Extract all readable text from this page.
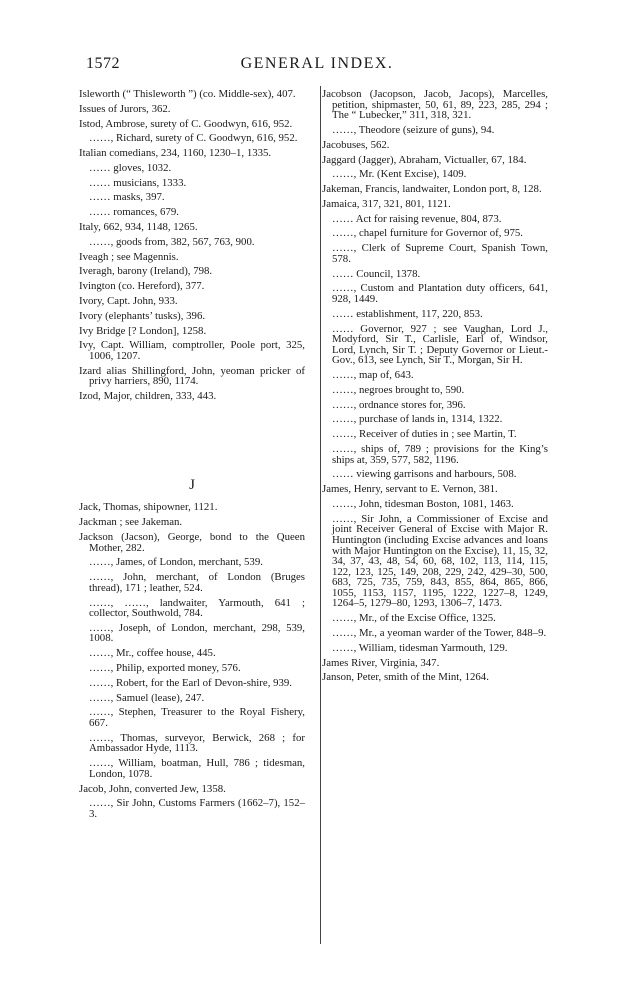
1572	GENERAL INDEX.

Isleworth (“ Thisleworth ”) (co. Middle-sex), 407.

Issues of Jurors, 362.

Istod, Ambrose, surety of C. Goodwyn, 616, 952.

……, Richard, surety of C. Goodwyn, 616, 952.

Italian comedians, 234, 1160, 1230–1, 1335.

…… gloves, 1032.

…… musicians, 1333.

…… masks, 397.

…… romances, 679.

Italy, 662, 934, 1148, 1265.

……, goods from, 382, 567, 763, 900.

Iveagh ; see Magennis.

Iveragh, barony (Ireland), 798.

Ivington (co. Hereford), 377.

Ivory, Capt. John, 933.

Ivory (elephants’ tusks), 396.

Ivy Bridge [? London], 1258.

Ivy, Capt. William, comptroller, Poole port, 325, 1006, 1207.

Izard alias Shillingford, John, yeoman pricker of privy harriers, 890, 1174.

Izod, Major, children, 333, 443.

J

Jack, Thomas, shipowner, 1121.

Jackman ; see Jakeman.

Jackson (Jacson), George, bond to the Queen Mother, 282.

……, James, of London, merchant, 539.

……, John, merchant, of London (Bruges thread), 171 ; leather, 524.

……, ……, landwaiter, Yarmouth, 641 ; collector, Southwold, 784.

……, Joseph, of London, merchant, 298, 539, 1008.

……, Mr., coffee house, 445.

……, Philip, exported money, 576.

……, Robert, for the Earl of Devon-shire, 939.

……, Samuel (lease), 247.

……, Stephen, Treasurer to the Royal Fishery, 667.

……, Thomas, surveyor, Berwick, 268 ; for Ambassador Hyde, 1113.

……, William, boatman, Hull, 786 ; tidesman, London, 1078.

Jacob, John, converted Jew, 1358.

……, Sir John, Customs Farmers (1662–7), 152–3.

Jacobson (Jacopson, Jacob, Jacops), Marcelles, petition, shipmaster, 50, 61, 89, 223, 285, 294 ; The “ Lubecker,” 311, 318, 321.

……, Theodore (seizure of guns), 94.

Jacobuses, 562.

Jaggard (Jagger), Abraham, Victualler, 67, 184.

……, Mr. (Kent Excise), 1409.

Jakeman, Francis, landwaiter, London port, 8, 128.

Jamaica, 317, 321, 801, 1121.

…… Act for raising revenue, 804, 873.

……, chapel furniture for Governor of, 975.

……, Clerk of Supreme Court, Spanish Town, 578.

…… Council, 1378.

……, Custom and Plantation duty officers, 641, 928, 1449.

…… establishment, 117, 220, 853.

…… Governor, 927 ; see Vaughan, Lord J., Modyford, Sir T., Carlisle, Earl of, Windsor, Lord, Lynch, Sir T. ; Deputy Governor or Lieut.-Gov., 613, see Lynch, Sir T., Morgan, Sir H.

……, map of, 643.

……, negroes brought to, 590.

……, ordnance stores for, 396.

……, purchase of lands in, 1314, 1322.

……, Receiver of duties in ; see Martin, T.

……, ships of, 789 ; provisions for the King’s ships at, 359, 577, 582, 1196.

…… viewing garrisons and harbours, 508.

James, Henry, servant to E. Vernon, 381.

……, John, tidesman Boston, 1081, 1463.

……, Sir John, a Commissioner of Excise and joint Receiver General of Excise with Major R. Huntington (including Excise advances and loans with Major Huntington on the Excise), 11, 15, 32, 34, 37, 43, 48, 54, 60, 68, 102, 113, 114, 115, 122, 123, 125, 149, 208, 229, 242, 429–30, 500, 683, 725, 735, 759, 843, 855, 864, 865, 866, 1055, 1153, 1157, 1195, 1222, 1227–8, 1249, 1264–5, 1279–80, 1293, 1306–7, 1473.

……, Mr., of the Excise Office, 1325.

……, Mr., a yeoman warder of the Tower, 848–9.

……, William, tidesman Yarmouth, 129.

James River, Virginia, 347.

Janson, Peter, smith of the Mint, 1264.
